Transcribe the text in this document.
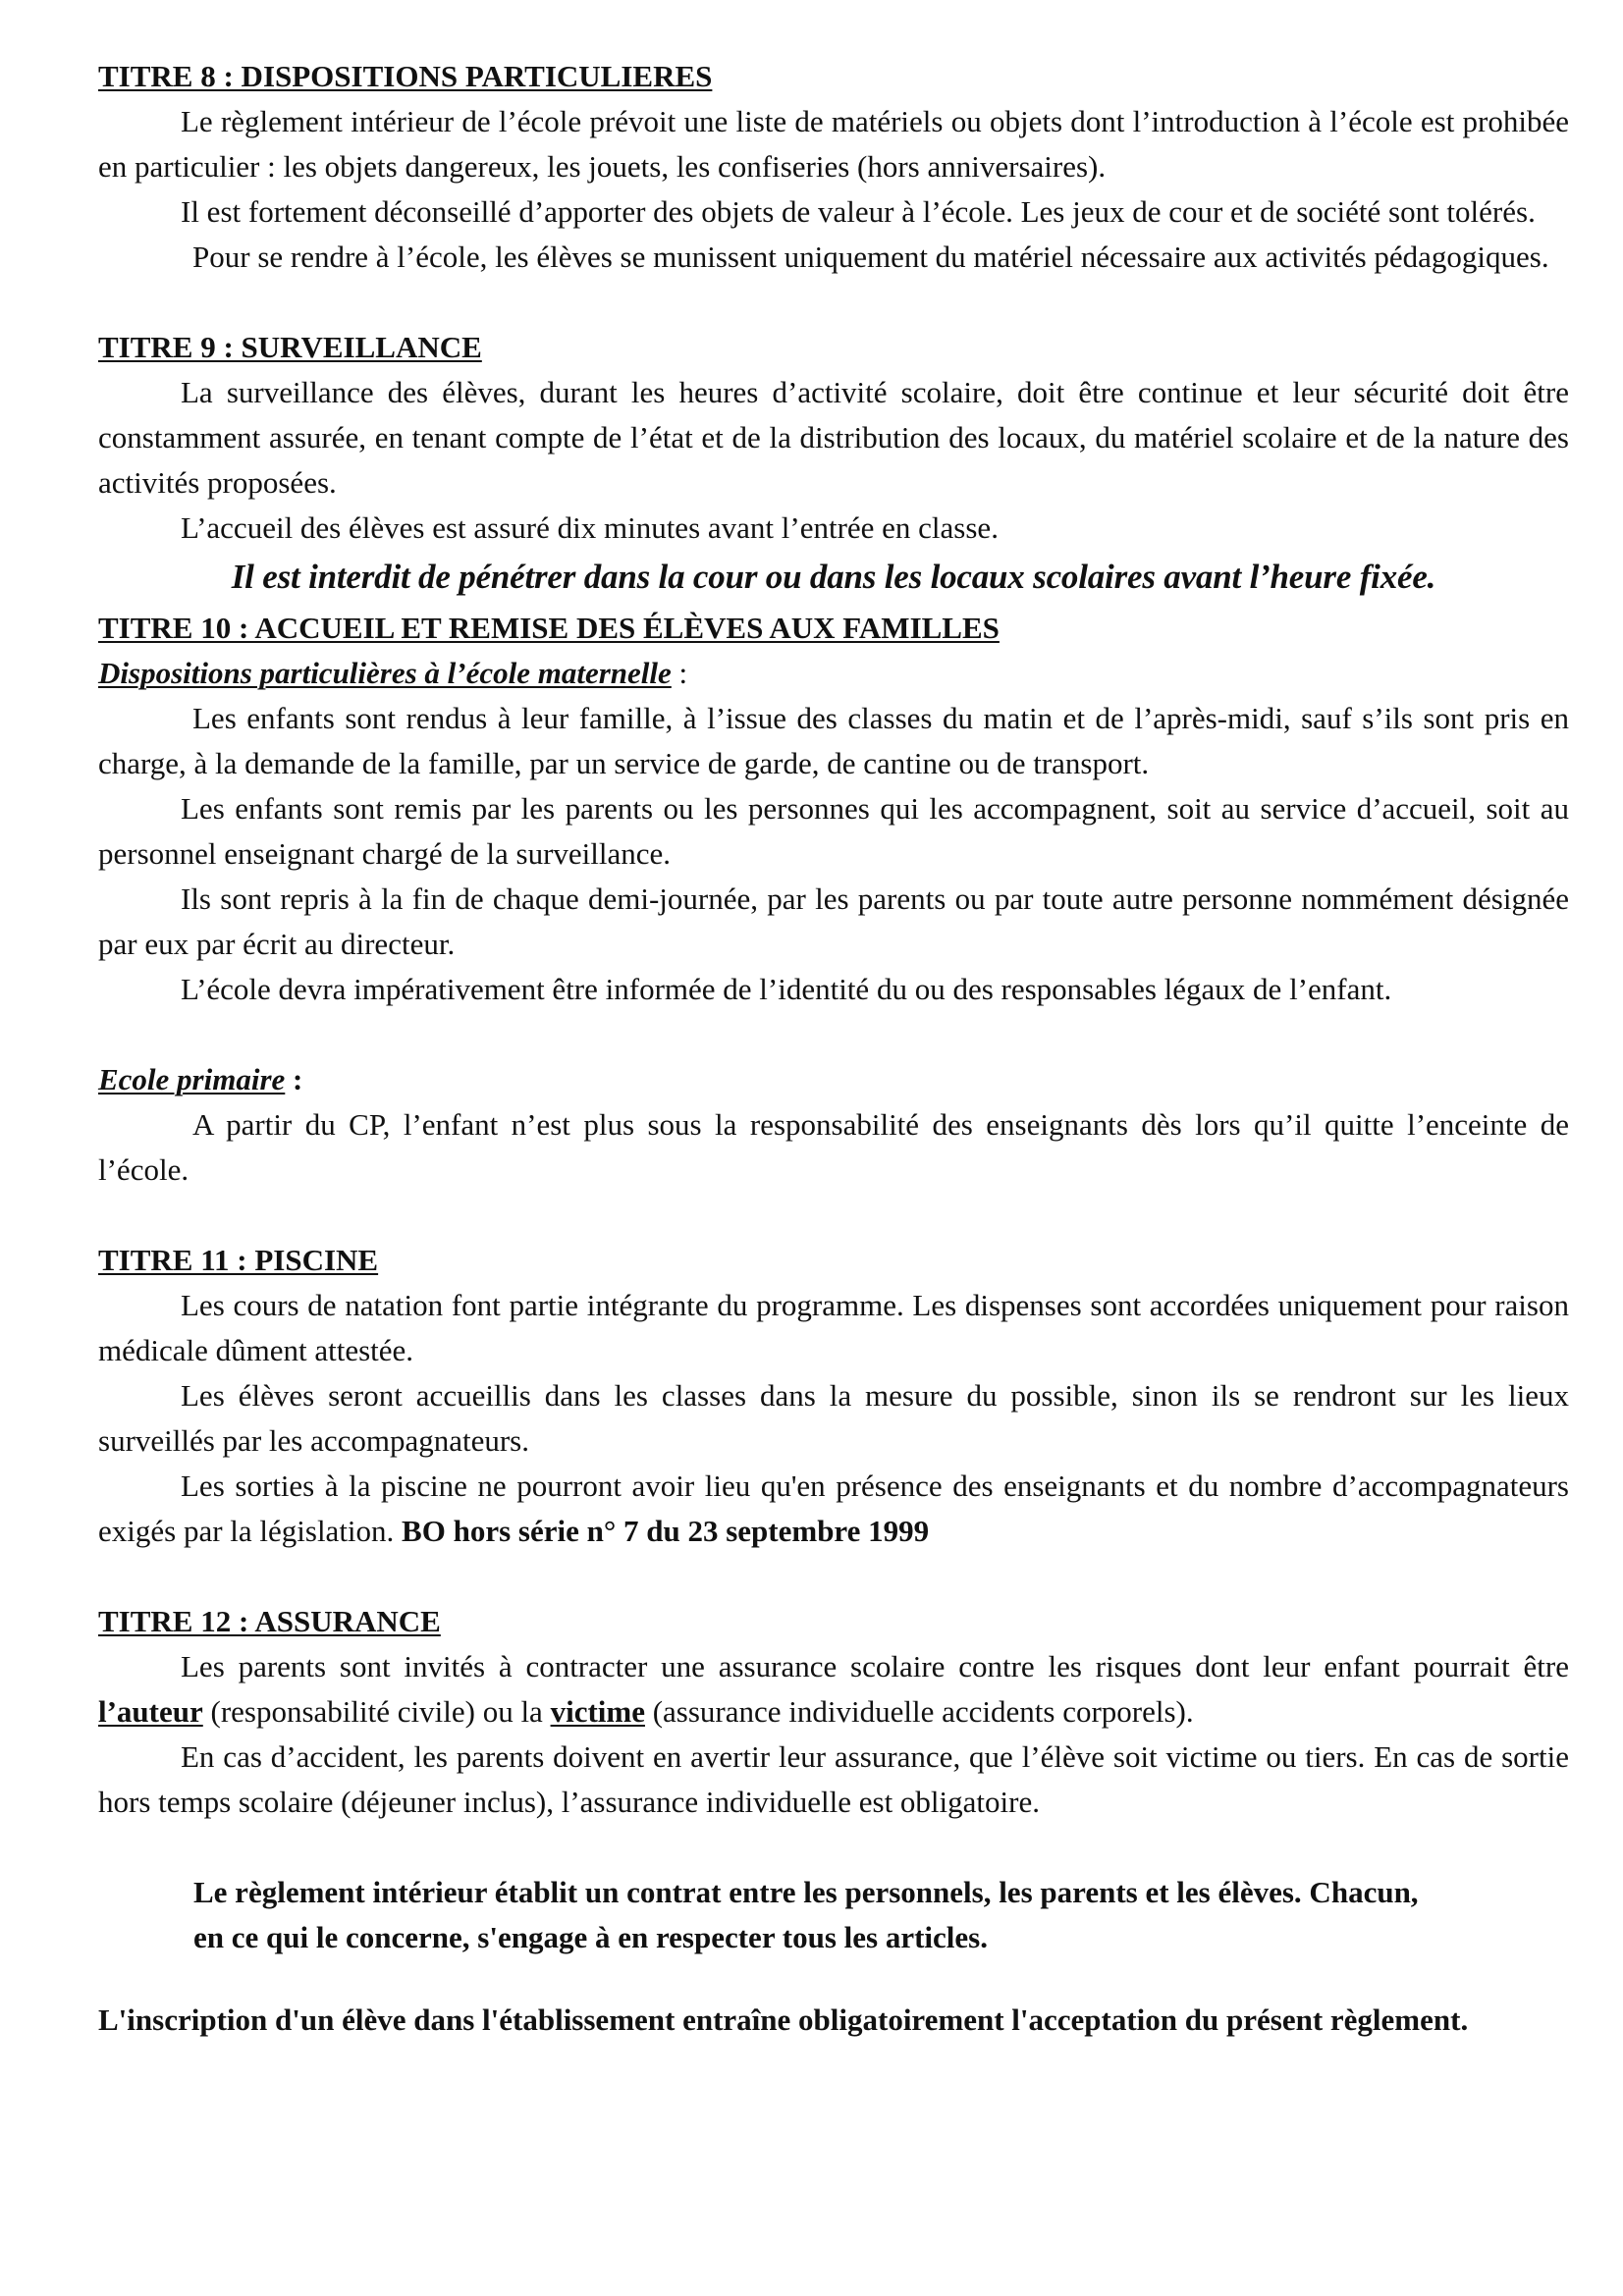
TITRE 8 : DISPOSITIONS PARTICULIERES

Le règlement intérieur de l’école prévoit une liste de matériels ou objets dont l’introduction à l’école est prohibée en particulier : les objets dangereux, les jouets, les confiseries (hors anniversaires).

Il est fortement déconseillé d’apporter des objets de valeur à l’école. Les jeux de cour et de société sont tolérés.

Pour se rendre à l’école, les élèves se munissent uniquement du matériel nécessaire aux activités pédagogiques.

TITRE 9 : SURVEILLANCE

La surveillance des élèves, durant les heures d’activité scolaire, doit être continue et leur sécurité doit être constamment assurée, en tenant compte de l’état et de la distribution des locaux, du matériel scolaire et de la nature des activités proposées.

L’accueil des élèves est assuré dix minutes avant l’entrée en classe.

Il est interdit de pénétrer dans la cour ou dans les locaux scolaires avant l’heure fixée.
TITRE 10 : ACCUEIL ET REMISE DES ÉLÈVES AUX FAMILLES
Dispositions particulières à l’école maternelle :

Les enfants sont rendus à leur famille, à l’issue des classes du matin et de l’après-midi, sauf s’ils sont pris en charge, à la demande de la famille, par un service de garde, de cantine ou de transport.

Les enfants sont remis par les parents ou les personnes qui les accompagnent, soit au service d’accueil, soit au personnel enseignant chargé de la surveillance.

Ils sont repris à la fin de chaque demi-journée, par les parents ou par toute autre personne nommément désignée par eux par écrit au directeur.

L’école devra impérativement être informée de l’identité du ou des responsables légaux de l’enfant.

Ecole primaire :

A partir du CP, l’enfant n’est plus sous la responsabilité des enseignants dès lors qu’il quitte l’enceinte de l’école.

TITRE 11 : PISCINE

Les cours de natation font partie intégrante du programme. Les dispenses sont accordées uniquement pour raison médicale dûment attestée.

Les élèves seront accueillis dans les classes dans la mesure du possible, sinon ils se rendront sur les lieux surveillés par les accompagnateurs.

Les sorties à la piscine ne pourront avoir lieu qu'en présence des enseignants et du nombre d’accompagnateurs exigés par la législation. BO hors série n° 7 du 23 septembre 1999

TITRE 12 : ASSURANCE

Les parents sont invités à contracter une assurance scolaire contre les risques dont leur enfant pourrait être l’auteur (responsabilité civile) ou la victime (assurance individuelle accidents corporels).

En cas d’accident, les parents doivent en avertir leur assurance, que l’élève soit victime ou tiers. En cas de sortie hors temps scolaire (déjeuner inclus), l’assurance individuelle est obligatoire.

Le règlement intérieur établit un contrat entre les personnels, les parents et les élèves. Chacun, en ce qui le concerne, s'engage à en respecter tous les articles.

L'inscription d'un élève dans l'établissement entraîne obligatoirement l'acceptation du présent règlement.
